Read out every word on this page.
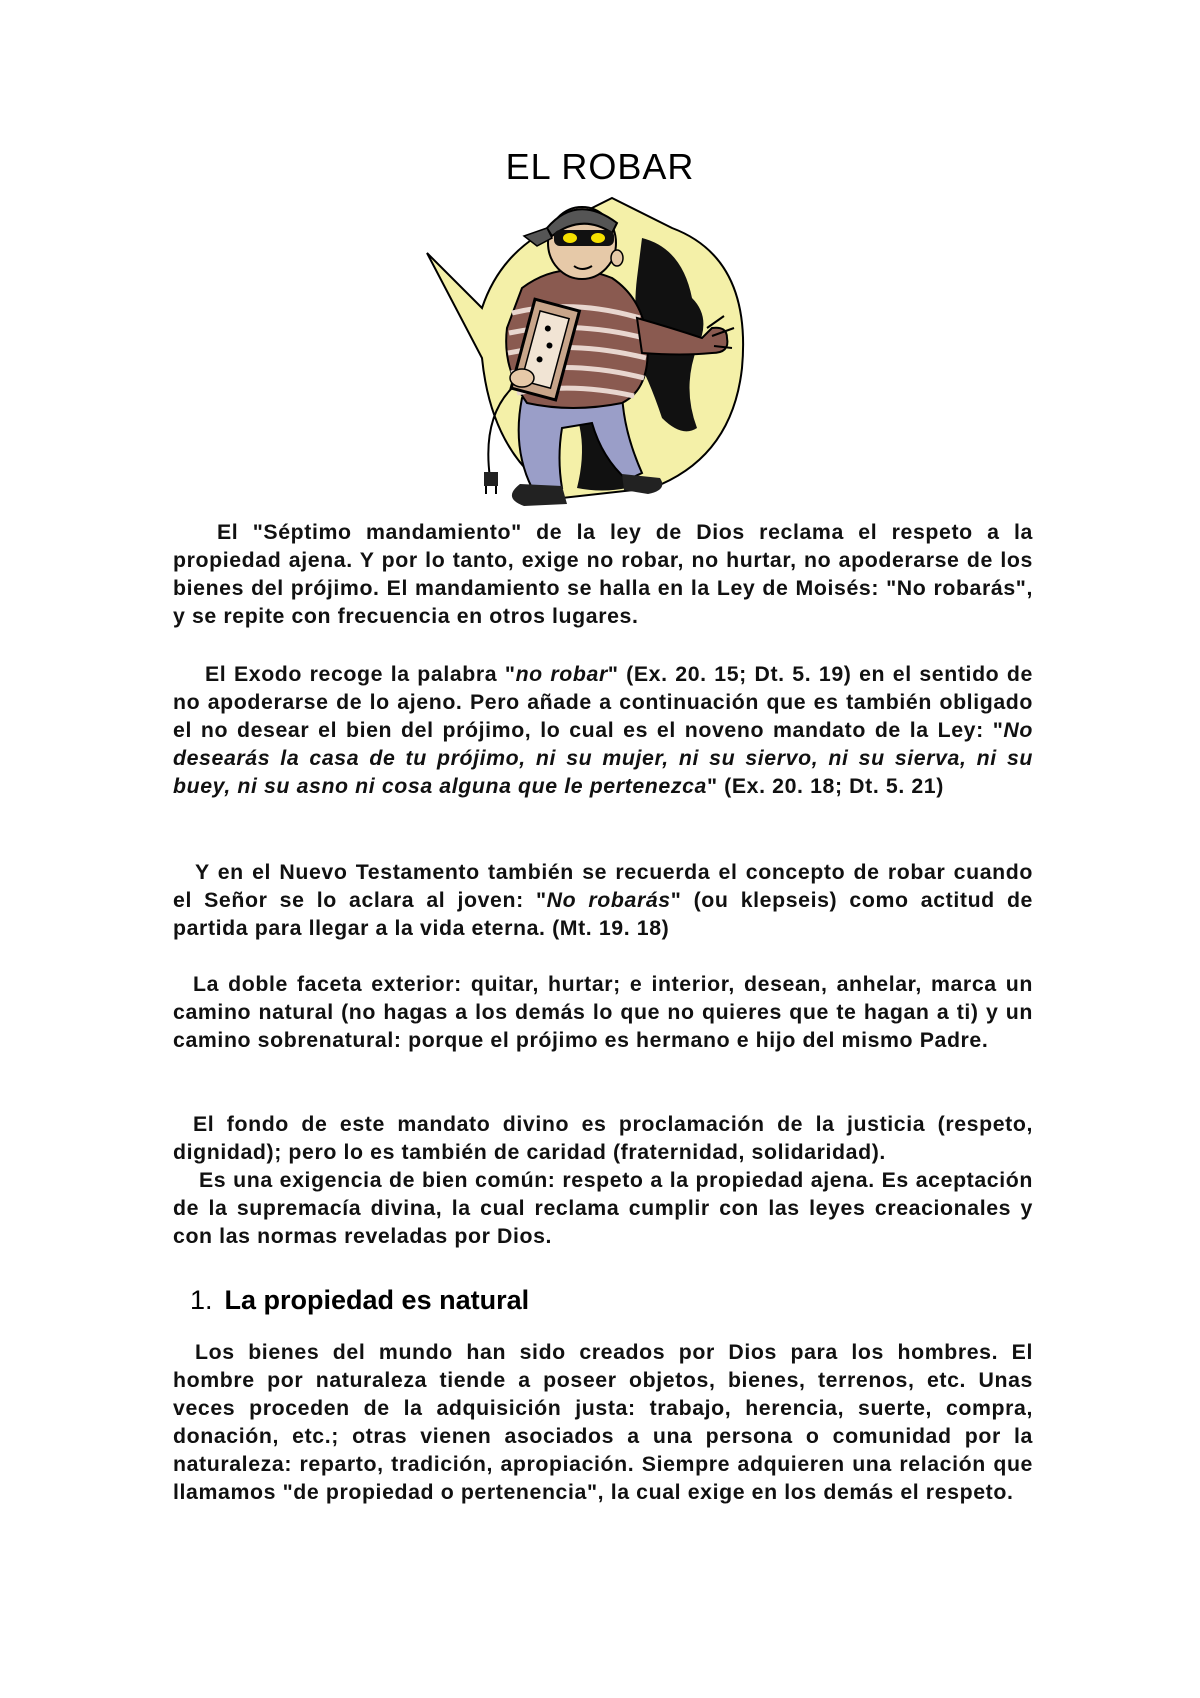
EL ROBAR

El "Séptimo mandamiento" de la ley de Dios reclama el respeto a la propiedad ajena. Y por lo tanto, exige no robar, no hurtar, no apoderarse de los bienes del prójimo. El mandamiento se halla en la Ley de Moisés: "No robarás", y se repite con frecuencia en otros lugares.

El Exodo recoge la palabra "no robar" (Ex. 20. 15; Dt. 5. 19) en el sentido de no apoderarse de lo ajeno. Pero añade a continuación que es también obligado el no desear el bien del prójimo, lo cual es el noveno mandato de la Ley: "No desearás la casa de tu prójimo, ni su mujer, ni su siervo, ni su sierva, ni su buey, ni su asno ni cosa alguna que le pertenezca" (Ex. 20. 18; Dt. 5. 21)

Y en el Nuevo Testamento también se recuerda el concepto de robar cuando el Señor se lo aclara al joven: "No robarás" (ou klepseis) como actitud de partida para llegar a la vida eterna. (Mt. 19. 18)

La doble faceta exterior: quitar, hurtar; e interior, desean, anhelar, marca un camino natural (no hagas a los demás lo que no quieres que te hagan a ti) y un camino sobrenatural: porque el prójimo es hermano e hijo del mismo Padre.

El fondo de este mandato divino es proclamación de la justicia (respeto, dignidad); pero lo es también de caridad (fraternidad, solidaridad).

Es una exigencia de bien común: respeto a la propiedad ajena. Es aceptación de la supremacía divina, la cual reclama cumplir con las leyes creacionales y con las normas reveladas por Dios.

1. La propiedad es natural

Los bienes del mundo han sido creados por Dios para los hombres. El hombre por naturaleza tiende a poseer objetos, bienes, terrenos, etc. Unas veces proceden de la adquisición justa: trabajo, herencia, suerte, compra, donación, etc.; otras vienen asociados a una persona o comunidad por la naturaleza: reparto, tradición, apropiación. Siempre adquieren una relación que llamamos "de propiedad o pertenencia", la cual exige en los demás el respeto.
